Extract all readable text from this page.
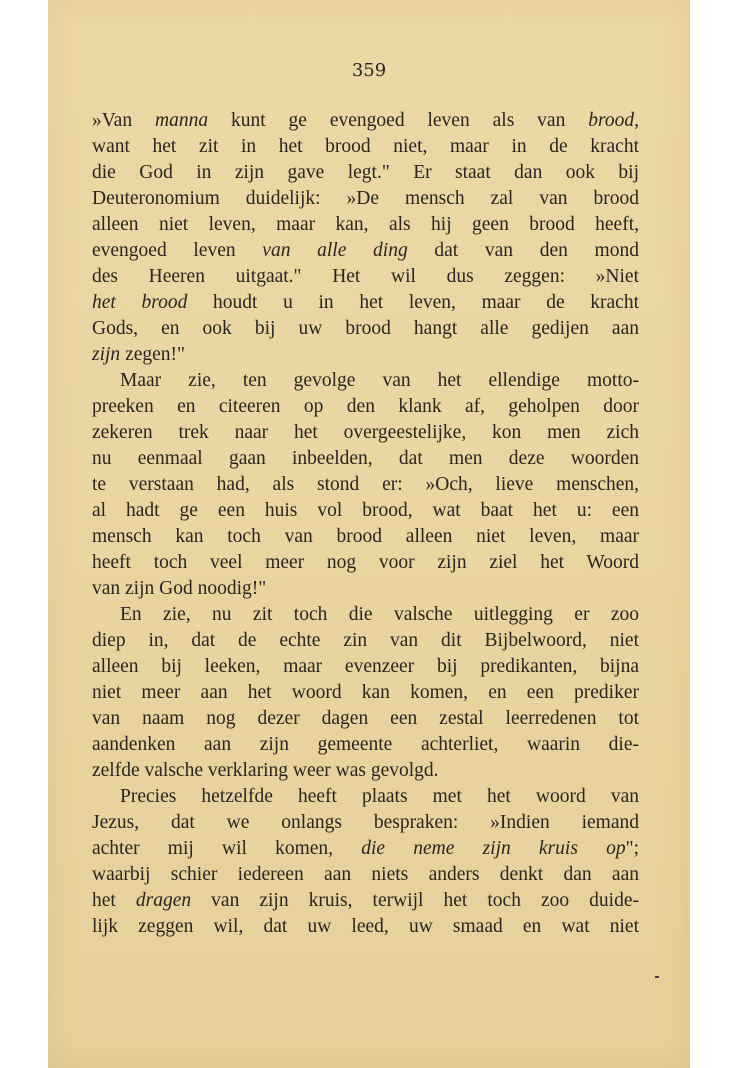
359
»Van manna kunt ge evengoed leven als van brood,
want het zit in het brood niet, maar in de kracht
die God in zijn gave legt." Er staat dan ook bij
Deuteronomium duidelijk: »De mensch zal van brood
alleen niet leven, maar kan, als hij geen brood heeft,
evengoed leven van alle ding dat van den mond
des Heeren uitgaat." Het wil dus zeggen: »Niet
het brood houdt u in het leven, maar de kracht
Gods, en ook bij uw brood hangt alle gedijen aan
zijn zegen!"
Maar zie, ten gevolge van het ellendige motto-
preeken en citeeren op den klank af, geholpen door
zekeren trek naar het overgeestelijke, kon men zich
nu eenmaal gaan inbeelden, dat men deze woorden
te verstaan had, als stond er: »Och, lieve menschen,
al hadt ge een huis vol brood, wat baat het u: een
mensch kan toch van brood alleen niet leven, maar
heeft toch veel meer nog voor zijn ziel het Woord
van zijn God noodig!"
En zie, nu zit toch die valsche uitlegging er zoo
diep in, dat de echte zin van dit Bijbelwoord, niet
alleen bij leeken, maar evenzeer bij predikanten, bijna
niet meer aan het woord kan komen, en een prediker
van naam nog dezer dagen een zestal leerredenen tot
aandenken aan zijn gemeente achterliet, waarin die-
zelfde valsche verklaring weer was gevolgd.
Precies hetzelfde heeft plaats met het woord van
Jezus, dat we onlangs bespraken: »Indien iemand
achter mij wil komen, die neme zijn kruis op";
waarbij schier iedereen aan niets anders denkt dan aan
het dragen van zijn kruis, terwijl het toch zoo duide-
lijk zeggen wil, dat uw leed, uw smaad en wat niet
